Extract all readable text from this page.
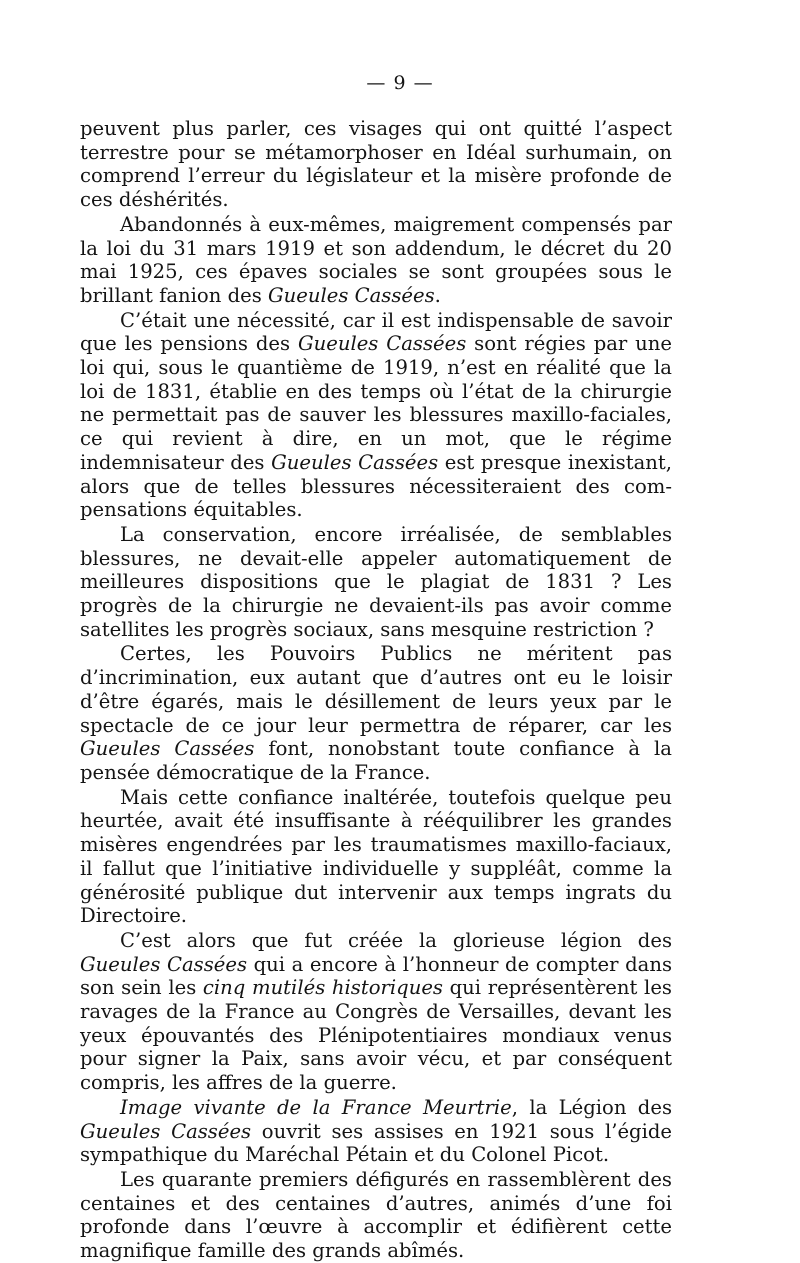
— 9 —

peuvent plus parler, ces visages qui ont quitté l’aspect terrestre pour se métamorphoser en Idéal surhumain, on comprend l’erreur du législateur et la misère profonde de ces déshérités.

Abandonnés à eux-mêmes, maigrement compensés par la loi du 31 mars 1919 et son addendum, le décret du 20 mai 1925, ces épaves sociales se sont groupées sous le brillant fanion des Gueules Cassées.

C’était une nécessité, car il est indispensable de savoir que les pensions des Gueules Cassées sont régies par une loi qui, sous le quantième de 1919, n’est en réalité que la loi de 1831, établie en des temps où l’état de la chirurgie ne permettait pas de sauver les blessures maxillo-faciales, ce qui revient à dire, en un mot, que le régime indemnisateur des Gueules Cassées est presque inexistant, alors que de telles blessures nécessiteraient des compensations équitables.

La conservation, encore irréalisée, de semblables blessures, ne devait-elle appeler automatiquement de meilleures dispositions que le plagiat de 1831 ? Les progrès de la chirurgie ne devaient-ils pas avoir comme satellites les progrès sociaux, sans mesquine restriction ?

Certes, les Pouvoirs Publics ne méritent pas d’incrimination, eux autant que d’autres ont eu le loisir d’être égarés, mais le désillement de leurs yeux par le spectacle de ce jour leur permettra de réparer, car les Gueules Cassées font, nonobstant toute confiance à la pensée démocratique de la France.

Mais cette confiance inaltérée, toutefois quelque peu heurtée, avait été insuffisante à rééquilibrer les grandes misères engendrées par les traumatismes maxillo-faciaux, il fallut que l’initiative individuelle y suppléât, comme la générosité publique dut intervenir aux temps ingrats du Directoire.

C’est alors que fut créée la glorieuse légion des Gueules Cassées qui a encore à l’honneur de compter dans son sein les cinq mutilés historiques qui représentèrent les ravages de la France au Congrès de Versailles, devant les yeux épouvantés des Plénipotentiaires mondiaux venus pour signer la Paix, sans avoir vécu, et par conséquent compris, les affres de la guerre.

Image vivante de la France Meurtrie, la Légion des Gueules Cassées ouvrit ses assises en 1921 sous l’égide sympathique du Maréchal Pétain et du Colonel Picot.

Les quarante premiers défigurés en rassemblèrent des centaines et des centaines d’autres, animés d’une foi profonde dans l’œuvre à accomplir et édifièrent cette magnifique famille des grands abîmés.
